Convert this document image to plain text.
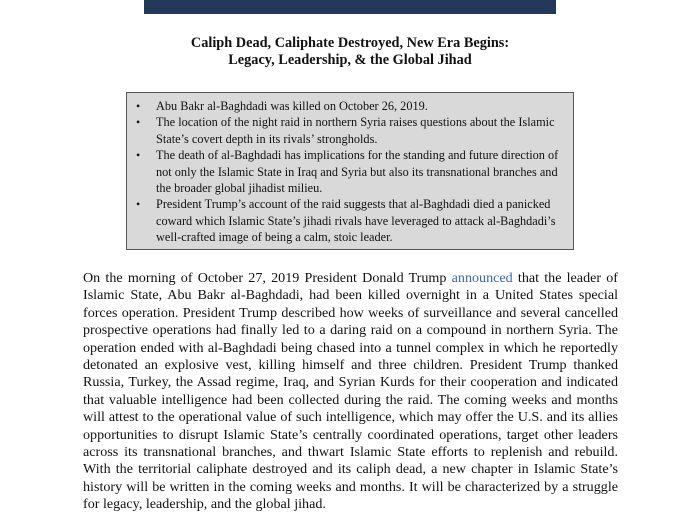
Caliph Dead, Caliphate Destroyed, New Era Begins:
Legacy, Leadership, & the Global Jihad
• Abu Bakr al-Baghdadi was killed on October 26, 2019.
• The location of the night raid in northern Syria raises questions about the Islamic State’s covert depth in its rivals’ strongholds.
• The death of al-Baghdadi has implications for the standing and future direction of not only the Islamic State in Iraq and Syria but also its transnational branches and the broader global jihadist milieu.
• President Trump’s account of the raid suggests that al-Baghdadi died a panicked coward which Islamic State’s jihadi rivals have leveraged to attack al-Baghdadi’s well-crafted image of being a calm, stoic leader.

On the morning of October 27, 2019 President Donald Trump announced that the leader of Islamic State, Abu Bakr al-Baghdadi, had been killed overnight in a United States special forces operation. President Trump described how weeks of surveillance and several cancelled prospective operations had finally led to a daring raid on a compound in northern Syria. The operation ended with al-Baghdadi being chased into a tunnel complex in which he reportedly detonated an explosive vest, killing himself and three children. President Trump thanked Russia, Turkey, the Assad regime, Iraq, and Syrian Kurds for their cooperation and indicated that valuable intelligence had been collected during the raid. The coming weeks and months will attest to the operational value of such intelligence, which may offer the U.S. and its allies opportunities to disrupt Islamic State’s centrally coordinated operations, target other leaders across its transnational branches, and thwart Islamic State efforts to replenish and rebuild. With the territorial caliphate destroyed and its caliph dead, a new chapter in Islamic State’s history will be written in the coming weeks and months. It will be characterized by a struggle for legacy, leadership, and the global jihad.
